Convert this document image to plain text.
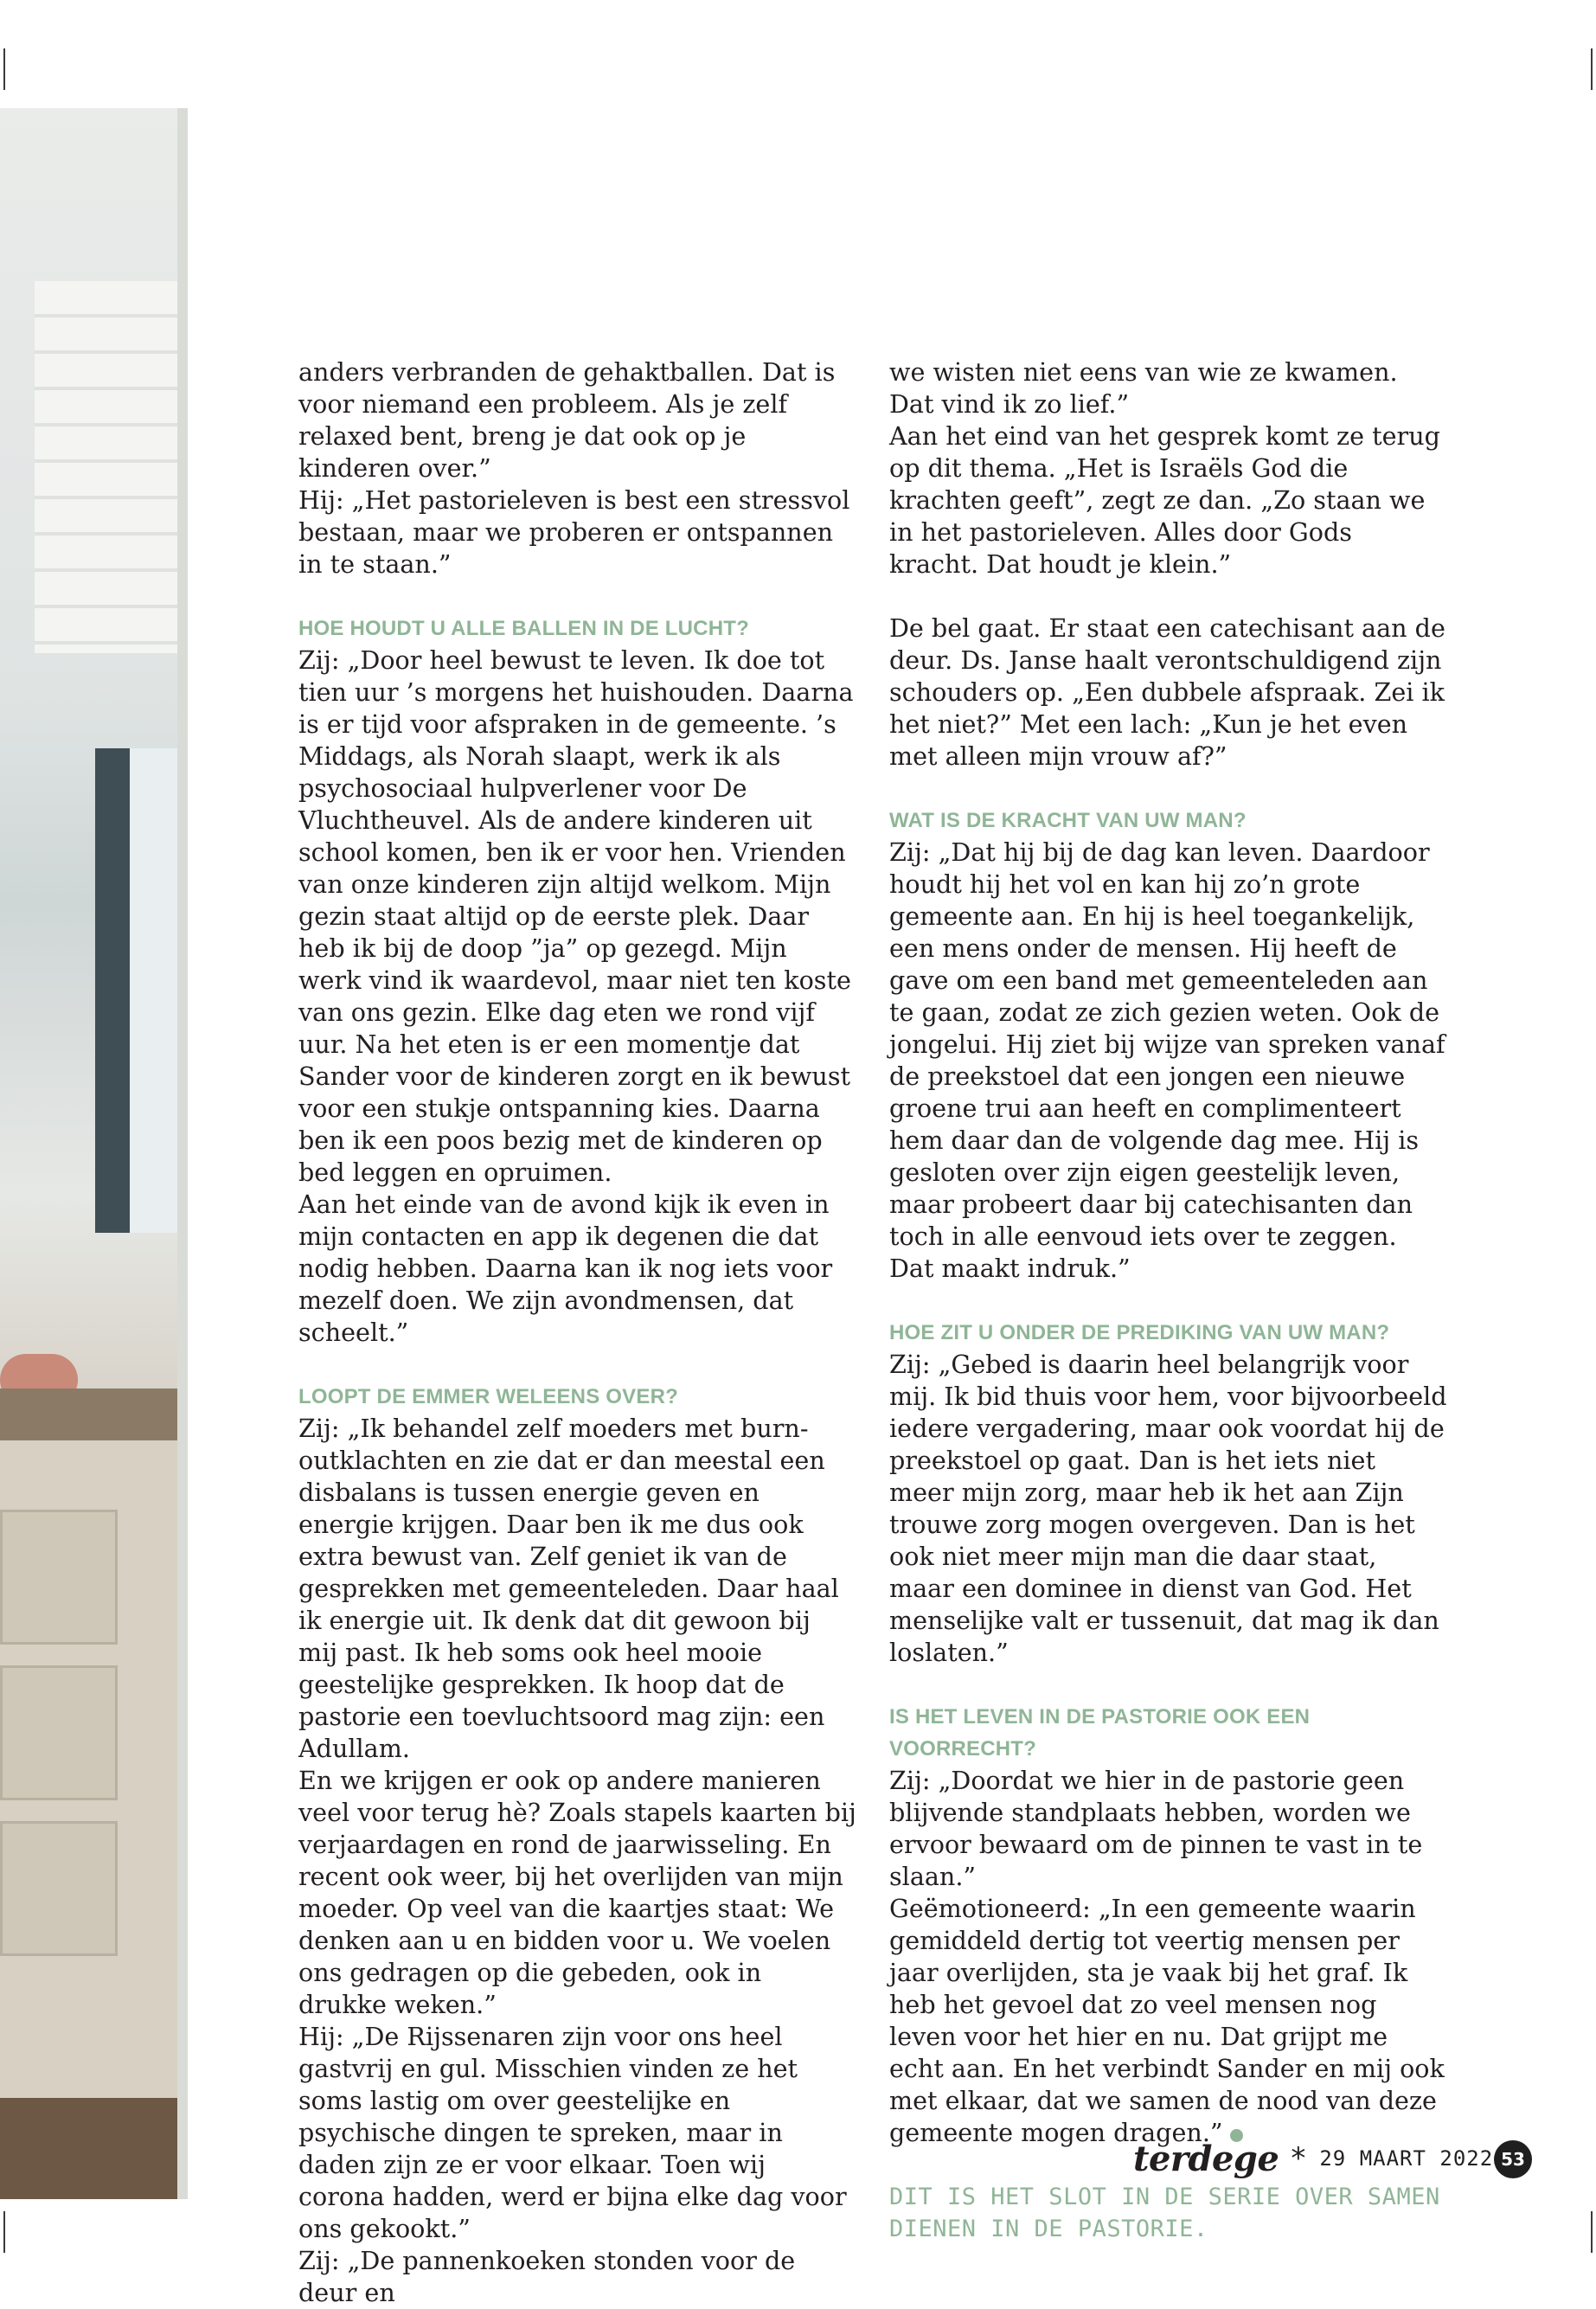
anders verbranden de gehaktballen. Dat is voor niemand een probleem. Als je zelf relaxed bent, breng je dat ook op je kinderen over.”

Hij: „Het pastorieleven is best een stressvol bestaan, maar we proberen er ontspannen in te staan.”

HOE HOUDT U ALLE BALLEN IN DE LUCHT?

Zij: „Door heel bewust te leven. Ik doe tot tien uur ’s morgens het huishouden. Daarna is er tijd voor afspraken in de gemeente. ’s Middags, als Norah slaapt, werk ik als psychosociaal hulpverlener voor De Vluchtheuvel. Als de andere kinderen uit school komen, ben ik er voor hen. Vrienden van onze kinderen zijn altijd welkom. Mijn gezin staat altijd op de eerste plek. Daar heb ik bij de doop ”ja” op gezegd. Mijn werk vind ik waardevol, maar niet ten koste van ons gezin. Elke dag eten we rond vijf uur. Na het eten is er een momentje dat Sander voor de kinderen zorgt en ik bewust voor een stukje ontspanning kies. Daarna ben ik een poos bezig met de kinderen op bed leggen en opruimen.

Aan het einde van de avond kijk ik even in mijn contacten en app ik degenen die dat nodig hebben. Daarna kan ik nog iets voor mezelf doen. We zijn avondmensen, dat scheelt.”

LOOPT DE EMMER WELEENS OVER?

Zij: „Ik behandel zelf moeders met burn-outklachten en zie dat er dan meestal een disbalans is tussen energie geven en energie krijgen. Daar ben ik me dus ook extra bewust van. Zelf geniet ik van de gesprekken met gemeenteleden. Daar haal ik energie uit. Ik denk dat dit gewoon bij mij past. Ik heb soms ook heel mooie geestelijke gesprekken. Ik hoop dat de pastorie een toevluchtsoord mag zijn: een Adullam.

En we krijgen er ook op andere manieren veel voor terug hè? Zoals stapels kaarten bij verjaardagen en rond de jaarwisseling. En recent ook weer, bij het overlijden van mijn moeder. Op veel van die kaartjes staat: We denken aan u en bidden voor u. We voelen ons gedragen op die gebeden, ook in drukke weken.”

Hij: „De Rijssenaren zijn voor ons heel gastvrij en gul. Misschien vinden ze het soms lastig om over geestelijke en psychische dingen te spreken, maar in daden zijn ze er voor elkaar. Toen wij corona hadden, werd er bijna elke dag voor ons gekookt.”

Zij: „De pannenkoeken stonden voor de deur en

we wisten niet eens van wie ze kwamen. Dat vind ik zo lief.”

Aan het eind van het gesprek komt ze terug op dit thema. „Het is Israëls God die krachten geeft”, zegt ze dan. „Zo staan we in het pastorieleven. Alles door Gods kracht. Dat houdt je klein.”

De bel gaat. Er staat een catechisant aan de deur. Ds. Janse haalt verontschuldigend zijn schouders op. „Een dubbele afspraak. Zei ik het niet?” Met een lach: „Kun je het even met alleen mijn vrouw af?”

WAT IS DE KRACHT VAN UW MAN?

Zij: „Dat hij bij de dag kan leven. Daardoor houdt hij het vol en kan hij zo’n grote gemeente aan. En hij is heel toegankelijk, een mens onder de mensen. Hij heeft de gave om een band met gemeenteleden aan te gaan, zodat ze zich gezien weten. Ook de jongelui. Hij ziet bij wijze van spreken vanaf de preekstoel dat een jongen een nieuwe groene trui aan heeft en complimenteert hem daar dan de volgende dag mee. Hij is gesloten over zijn eigen geestelijk leven, maar probeert daar bij catechisanten dan toch in alle eenvoud iets over te zeggen. Dat maakt indruk.”

HOE ZIT U ONDER DE PREDIKING VAN UW MAN?

Zij: „Gebed is daarin heel belangrijk voor mij. Ik bid thuis voor hem, voor bijvoorbeeld iedere vergadering, maar ook voordat hij de preekstoel op gaat. Dan is het iets niet meer mijn zorg, maar heb ik het aan Zijn trouwe zorg mogen overgeven. Dan is het ook niet meer mijn man die daar staat, maar een dominee in dienst van God. Het menselijke valt er tussenuit, dat mag ik dan loslaten.”

IS HET LEVEN IN DE PASTORIE OOK EEN VOORRECHT?

Zij: „Doordat we hier in de pastorie geen blijvende standplaats hebben, worden we ervoor bewaard om de pinnen te vast in te slaan.”

Geëmotioneerd: „In een gemeente waarin gemiddeld dertig tot veertig mensen per jaar overlijden, sta je vaak bij het graf. Ik heb het gevoel dat zo veel mensen nog leven voor het hier en nu. Dat grijpt me echt aan. En het verbindt Sander en mij ook met elkaar, dat we samen de nood van deze gemeente mogen dragen.”

DIT IS HET SLOT IN DE SERIE OVER SAMEN DIENEN IN DE PASTORIE.
terdege * 29 MAART 2022 53
